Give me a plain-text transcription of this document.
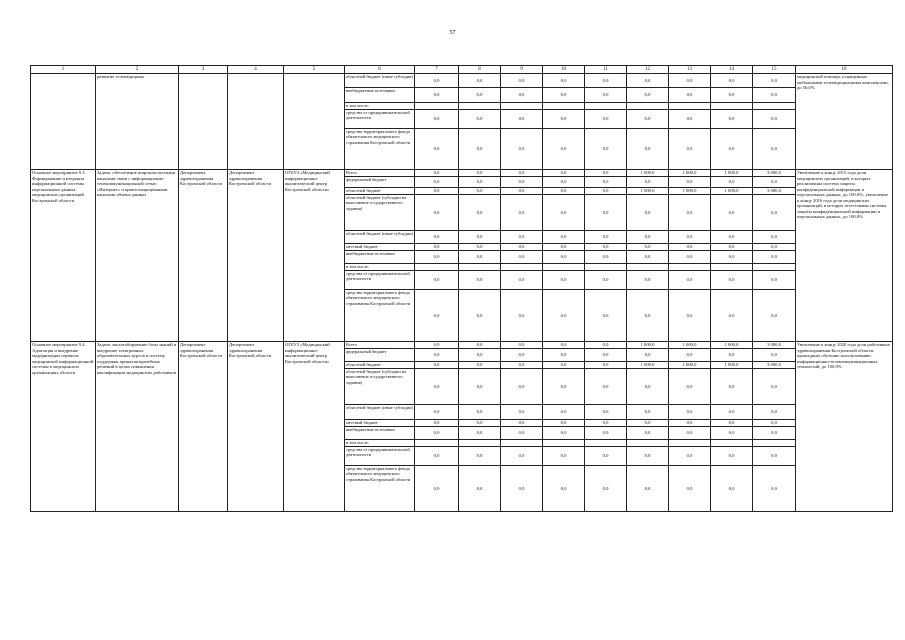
57
1	2	3	4	5	6	7	8	9	10	11	12	13	14	15	16
	развитие телемедицины				областной бюджет (иные субсидии)	0,0	0,0	0,0	0,0	0,0	0,0	0,0	0,0	0,0	медицинской помощи, оснащенных мобильными телемедицинскими комплексами, до 56,0%
					внебюджетные источники	0,0	0,0	0,0	0,0	0,0	0,0	0,0	0,0	0,0	
					в том числе:										
					средства от предпринимательской деятельности	0,0	0,0	0,0	0,0	0,0	0,0	0,0	0,0	0,0	
					средства территориального фонда обязательного медицинского страхования Костромской области	0,0	0,0	0,0	0,0	0,0	0,0	0,0	0,0	0,0	
Основное мероприятие 9.3. Формирование и итерация информационной системы персональных данных медицинских организаций Костромской области	Задача: обеспечение широкополосными каналами связи с информационно-телекоммуникационной сетью «Интернет» и криптозащищенными каналами обмена данных	Департамент здравоохранения Костромской области	Департамент здравоохранения Костромской области	ОГБУЗ «Медицинский информационно-аналитический центр Костромской области»	Всего	0,0	0,0	0,0	0,0	0,0	1 000,0	1 000,0	1 000,0	3 000,0	Увеличение к концу 2015 года доли медицинских организаций, в которых реализованы система защиты конфиденциальной информации и персональных данных, до 100,0%; увеличение к концу 2016 года доли медицинских организаций, в которых аттестованы системы защиты конфиденциальной информации и персональных данных, до 100,0%
					федеральный бюджет	0,0	0,0	0,0	0,0	0,0	0,0	0,0	0,0	0,0	
					областной бюджет	0,0	0,0	0,0	0,0	0,0	1 000,0	1 000,0	1 000,0	3 000,0	
					областной бюджет (субсидии на выполнение государственного задания)	0,0	0,0	0,0	0,0	0,0	0,0	0,0	0,0	0,0	
					областной бюджет (иные субсидии)	0,0	0,0	0,0	0,0	0,0	0,0	0,0	0,0	0,0	
					местный бюджет	0,0	0,0	0,0	0,0	0,0	0,0	0,0	0,0	0,0	
					внебюджетные источники	0,0	0,0	0,0	0,0	0,0	0,0	0,0	0,0	0,0	
					в том числе:										
					средства от предпринимательской деятельности	0,0	0,0	0,0	0,0	0,0	0,0	0,0	0,0	0,0	
					средства территориального фонда обязательного медицинского страхования Костромской области	0,0	0,0	0,0	0,0	0,0	0,0	0,0	0,0	0,0	
Основное мероприятие 9.4. Адаптация и внедрение модернизации сервисов медицинской информационной системы в медицинских организациях области	Задача: масштабирование базы знаний и внедрение электронных образовательных курсов в систему поддержки принятия врачебных решений в целях повышения квалификации медицинских работников	Департамент здравоохранения Костромской области	Департамент здравоохранения Костромской области	ОГБУЗ «Медицинский информационно-аналитический центр Костромской области»	Всего	0,0	0,0	0,0	0,0	0,0	1 000,0	1 000,0	1 000,0	3 000,0	Увеличение к концу 2020 года доли работников здравоохранения Костромской области, прошедших обучение использованию информационно-телекоммуникационных технологий, до 100,0%
					федеральный бюджет	0,0	0,0	0,0	0,0	0,0	0,0	0,0	0,0	0,0	
					областной бюджет	0,0	0,0	0,0	0,0	0,0	1 000,0	1 000,0	1 000,0	3 000,0	
					областной бюджет (субсидии на выполнение государственного задания)	0,0	0,0	0,0	0,0	0,0	0,0	0,0	0,0	0,0	
					областной бюджет (иные субсидии)	0,0	0,0	0,0	0,0	0,0	0,0	0,0	0,0	0,0	
					местный бюджет	0,0	0,0	0,0	0,0	0,0	0,0	0,0	0,0	0,0	
					внебюджетные источники	0,0	0,0	0,0	0,0	0,0	0,0	0,0	0,0	0,0	
					в том числе:										
					средства от предпринимательской деятельности	0,0	0,0	0,0	0,0	0,0	0,0	0,0	0,0	0,0	
					средства территориального фонда обязательного медицинского страхования Костромской области	0,0	0,0	0,0	0,0	0,0	0,0	0,0	0,0	0,0	
